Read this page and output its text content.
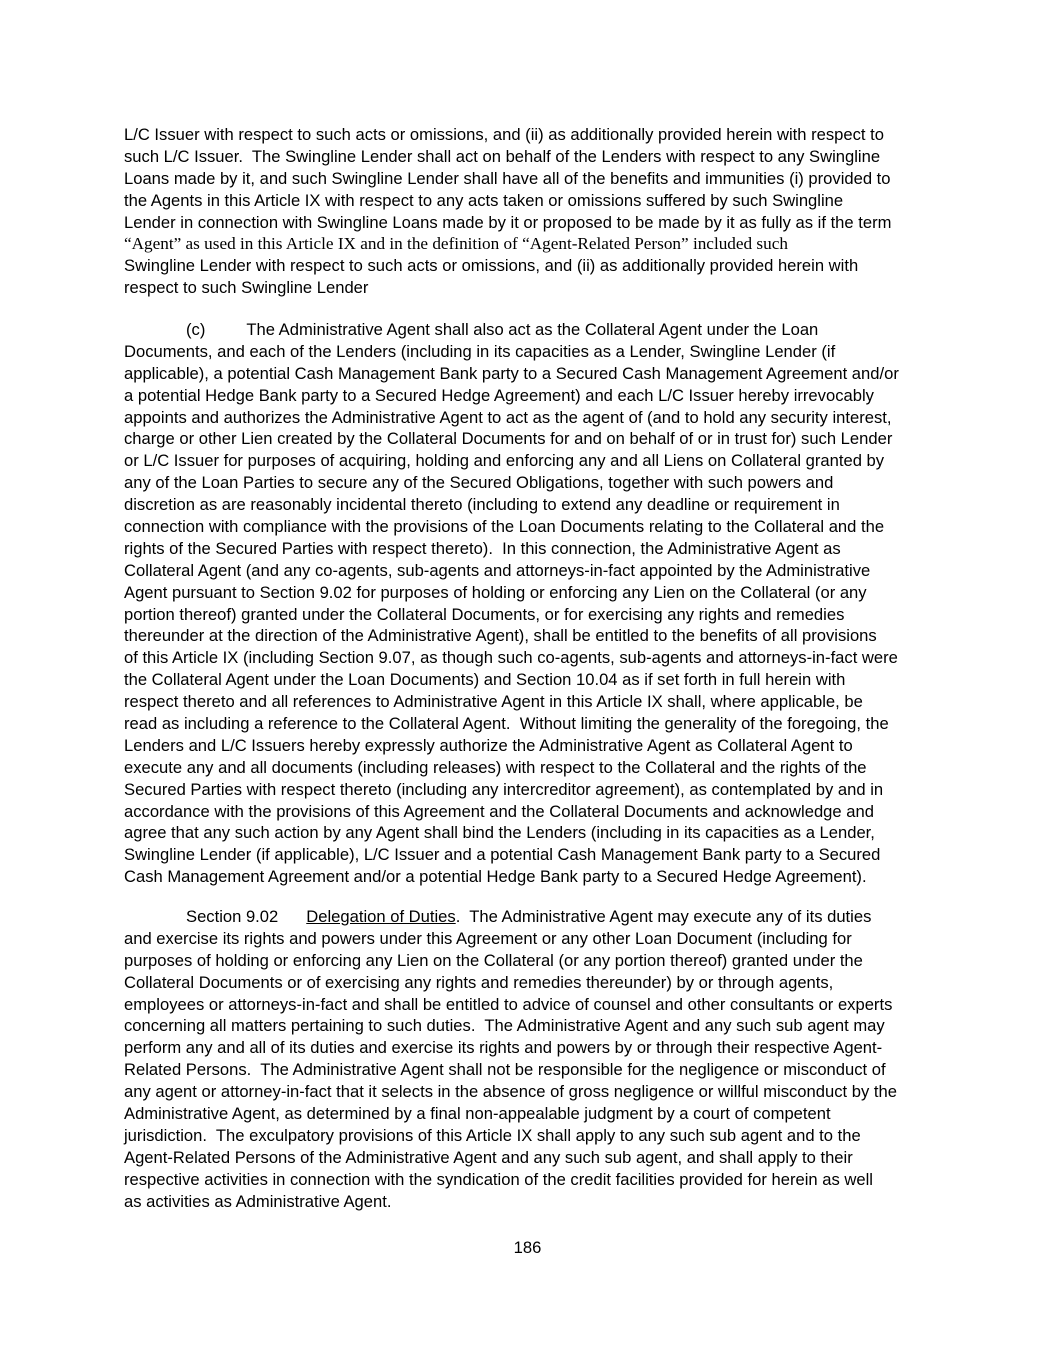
L/C Issuer with respect to such acts or omissions, and (ii) as additionally provided herein with respect to
such L/C Issuer.  The Swingline Lender shall act on behalf of the Lenders with respect to any Swingline
Loans made by it, and such Swingline Lender shall have all of the benefits and immunities (i) provided to
the Agents in this Article IX with respect to any acts taken or omissions suffered by such Swingline
Lender in connection with Swingline Loans made by it or proposed to be made by it as fully as if the term
“Agent” as used in this Article IX and in the definition of “Agent-Related Person” included such
Swingline Lender with respect to such acts or omissions, and (ii) as additionally provided herein with
respect to such Swingline Lender
(c) The Administrative Agent shall also act as the Collateral Agent under the Loan
Documents, and each of the Lenders (including in its capacities as a Lender, Swingline Lender (if
applicable), a potential Cash Management Bank party to a Secured Cash Management Agreement and/or
a potential Hedge Bank party to a Secured Hedge Agreement) and each L/C Issuer hereby irrevocably
appoints and authorizes the Administrative Agent to act as the agent of (and to hold any security interest,
charge or other Lien created by the Collateral Documents for and on behalf of or in trust for) such Lender
or L/C Issuer for purposes of acquiring, holding and enforcing any and all Liens on Collateral granted by
any of the Loan Parties to secure any of the Secured Obligations, together with such powers and
discretion as are reasonably incidental thereto (including to extend any deadline or requirement in
connection with compliance with the provisions of the Loan Documents relating to the Collateral and the
rights of the Secured Parties with respect thereto).  In this connection, the Administrative Agent as
Collateral Agent (and any co-agents, sub-agents and attorneys-in-fact appointed by the Administrative
Agent pursuant to Section 9.02 for purposes of holding or enforcing any Lien on the Collateral (or any
portion thereof) granted under the Collateral Documents, or for exercising any rights and remedies
thereunder at the direction of the Administrative Agent), shall be entitled to the benefits of all provisions
of this Article IX (including Section 9.07, as though such co-agents, sub-agents and attorneys-in-fact were
the Collateral Agent under the Loan Documents) and Section 10.04 as if set forth in full herein with
respect thereto and all references to Administrative Agent in this Article IX shall, where applicable, be
read as including a reference to the Collateral Agent.  Without limiting the generality of the foregoing, the
Lenders and L/C Issuers hereby expressly authorize the Administrative Agent as Collateral Agent to
execute any and all documents (including releases) with respect to the Collateral and the rights of the
Secured Parties with respect thereto (including any intercreditor agreement), as contemplated by and in
accordance with the provisions of this Agreement and the Collateral Documents and acknowledge and
agree that any such action by any Agent shall bind the Lenders (including in its capacities as a Lender,
Swingline Lender (if applicable), L/C Issuer and a potential Cash Management Bank party to a Secured
Cash Management Agreement and/or a potential Hedge Bank party to a Secured Hedge Agreement).
Section 9.02 Delegation of Duties.  The Administrative Agent may execute any of its duties
and exercise its rights and powers under this Agreement or any other Loan Document (including for
purposes of holding or enforcing any Lien on the Collateral (or any portion thereof) granted under the
Collateral Documents or of exercising any rights and remedies thereunder) by or through agents,
employees or attorneys-in-fact and shall be entitled to advice of counsel and other consultants or experts
concerning all matters pertaining to such duties.  The Administrative Agent and any such sub agent may
perform any and all of its duties and exercise its rights and powers by or through their respective Agent-
Related Persons.  The Administrative Agent shall not be responsible for the negligence or misconduct of
any agent or attorney-in-fact that it selects in the absence of gross negligence or willful misconduct by the
Administrative Agent, as determined by a final non-appealable judgment by a court of competent
jurisdiction.  The exculpatory provisions of this Article IX shall apply to any such sub agent and to the
Agent-Related Persons of the Administrative Agent and any such sub agent, and shall apply to their
respective activities in connection with the syndication of the credit facilities provided for herein as well
as activities as Administrative Agent.
186
